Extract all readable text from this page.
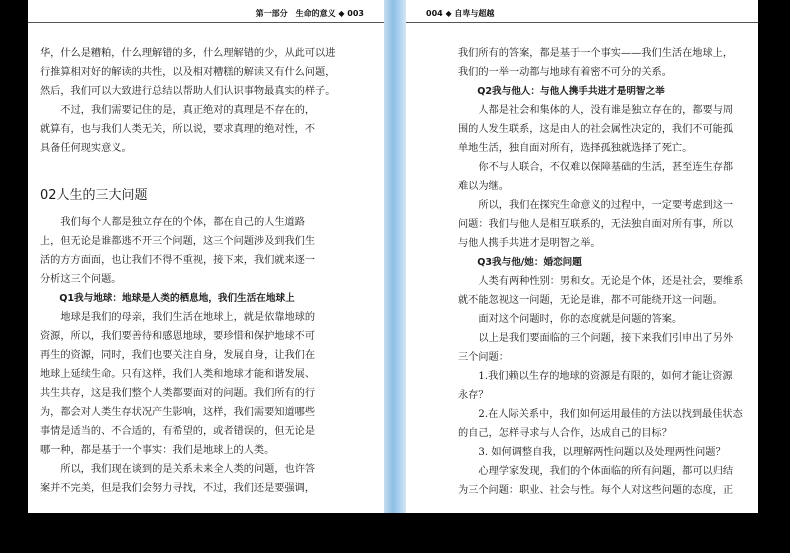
第一部分　生命的意义 ◆ 003

华，什么是糟粕，什么理解错的多，什么理解错的少，从此可以进
行推算相对好的解读的共性，以及相对糟糕的解读又有什么问题，
然后，我们可以大致进行总结以帮助人们认识事物最真实的样子。

不过，我们需要记住的是，真正绝对的真理是不存在的，
就算有，也与我们人类无关，所以说，要求真理的绝对性，不
具备任何现实意义。

02人生的三大问题

我们每个人都是独立存在的个体，都在自己的人生道路
上，但无论是谁都逃不开三个问题，这三个问题涉及到我们生
活的方方面面，也让我们不得不重视，接下来，我们就来逐一
分析这三个问题。

Q1我与地球：地球是人类的栖息地，我们生活在地球上

地球是我们的母亲，我们生活在地球上，就是依靠地球的
资源，所以，我们要善待和感恩地球，要珍惜和保护地球不可
再生的资源，同时，我们也要关注自身，发展自身，让我们在
地球上延续生命。只有这样，我们人类和地球才能和谐发展、
共生共存，这是我们整个人类都要面对的问题。我们所有的行
为，都会对人类生存状况产生影响，这样，我们需要知道哪些
事情是适当的、不合适的，有希望的，或者错误的，但无论是
哪一种，都是基于一个事实：我们是地球上的人类。

所以，我们现在谈到的是关系未来全人类的问题，也许答
案并不完美，但是我们会努力寻找，不过，我们还是要强调，

004 ◆ 自卑与超越

我们所有的答案，都是基于一个事实——我们生活在地球上，
我们的一举一动都与地球有着密不可分的关系。

Q2我与他人：与他人携手共进才是明智之举

人都是社会和集体的人，没有谁是独立存在的，都要与周
围的人发生联系，这是由人的社会属性决定的，我们不可能孤
单地生活，独自面对所有，选择孤独就选择了死亡。

你不与人联合，不仅难以保障基础的生活，甚至连生存都
难以为继。

所以，我们在探究生命意义的过程中，一定要考虑到这一
问题：我们与他人是相互联系的，无法独自面对所有事，所以
与他人携手共进才是明智之举。

Q3我与他/她：婚恋问题

人类有两种性别：男和女。无论是个体，还是社会，要维系
就不能忽视这一问题，无论是谁，都不可能绕开这一问题。

面对这个问题时，你的态度就是问题的答案。

以上是我们要面临的三个问题，接下来我们引申出了另外
三个问题：

1.我们赖以生存的地球的资源是有限的，如何才能让资源
永存？

2.在人际关系中，我们如何运用最佳的方法以找到最佳状态
的自己，怎样寻求与人合作，达成自己的目标？

3. 如何调整自我，以理解两性问题以及处理两性问题？

心理学家发现，我们的个体面临的所有问题，都可以归结
为三个问题：职业、社会与性。每个人对这些问题的态度，正
